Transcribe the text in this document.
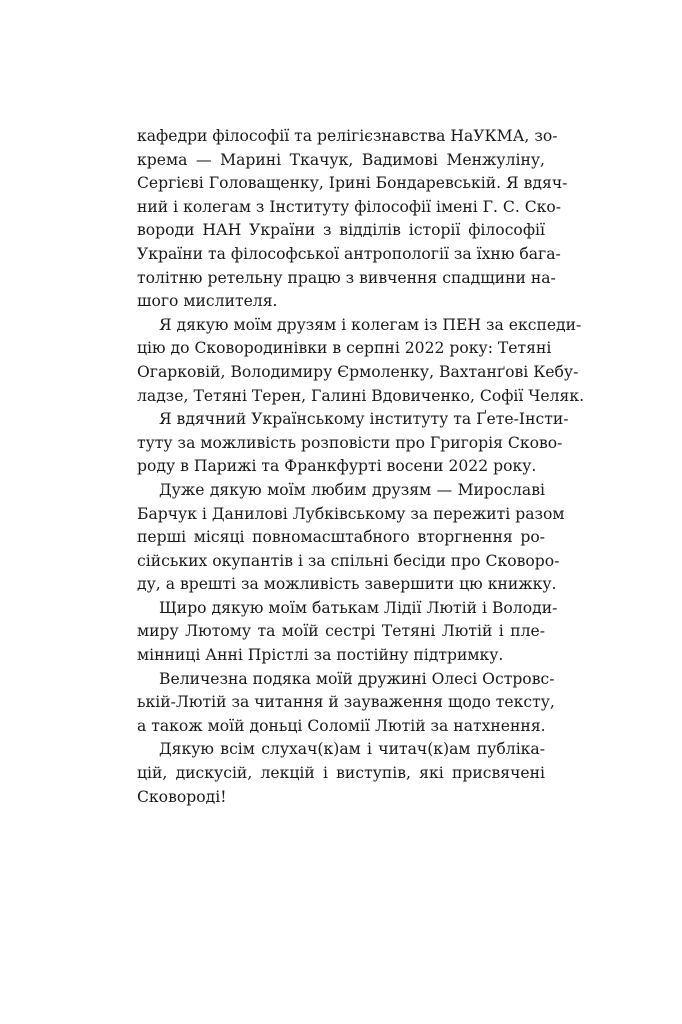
кафедри філософії та релігієзнавства НаУКМА, зо-
крема — Марині Ткачук, Вадимові Менжуліну,
Сергієві Головащенку, Ірині Бондаревській. Я вдяч-
ний і колегам з Інституту філософії імені Г. С. Ско-
вороди НАН України з відділів історії філософії
України та філософської антропології за їхню бага-
толітню ретельну працю з вивчення спадщини на-
шого мислителя.
Я дякую моїм друзям і колегам із ПЕН за експеди-
цію до Сковородинівки в серпні 2022 року: Тетяні
Огарковій, Володимиру Єрмоленку, Вахтанґові Кебу-
ладзе, Тетяні Терен, Галині Вдовиченко, Софії Челяк.
Я вдячний Українському інституту та Ґете-Інсти-
туту за можливість розповісти про Григорія Сково-
роду в Парижі та Франкфурті восени 2022 року.
Дуже дякую моїм любим друзям — Мирославі
Барчук і Данилові Лубківському за пережиті разом
перші місяці повномасштабного вторгнення ро-
сійських окупантів і за спільні бесіди про Сковоро-
ду, а врешті за можливість завершити цю книжку.
Щиро дякую моїм батькам Лідії Лютій і Володи-
миру Лютому та моїй сестрі Тетяні Лютій і пле-
мінниці Анні Прістлі за постійну підтримку.
Величезна подяка моїй дружині Олесі Островс-
ькій-Лютій за читання й зауваження щодо тексту,
а також моїй доньці Соломії Лютій за натхнення.
Дякую всім слухач(к)ам і читач(к)ам публіка-
цій, дискусій, лекцій і виступів, які присвячені
Сковороді!
